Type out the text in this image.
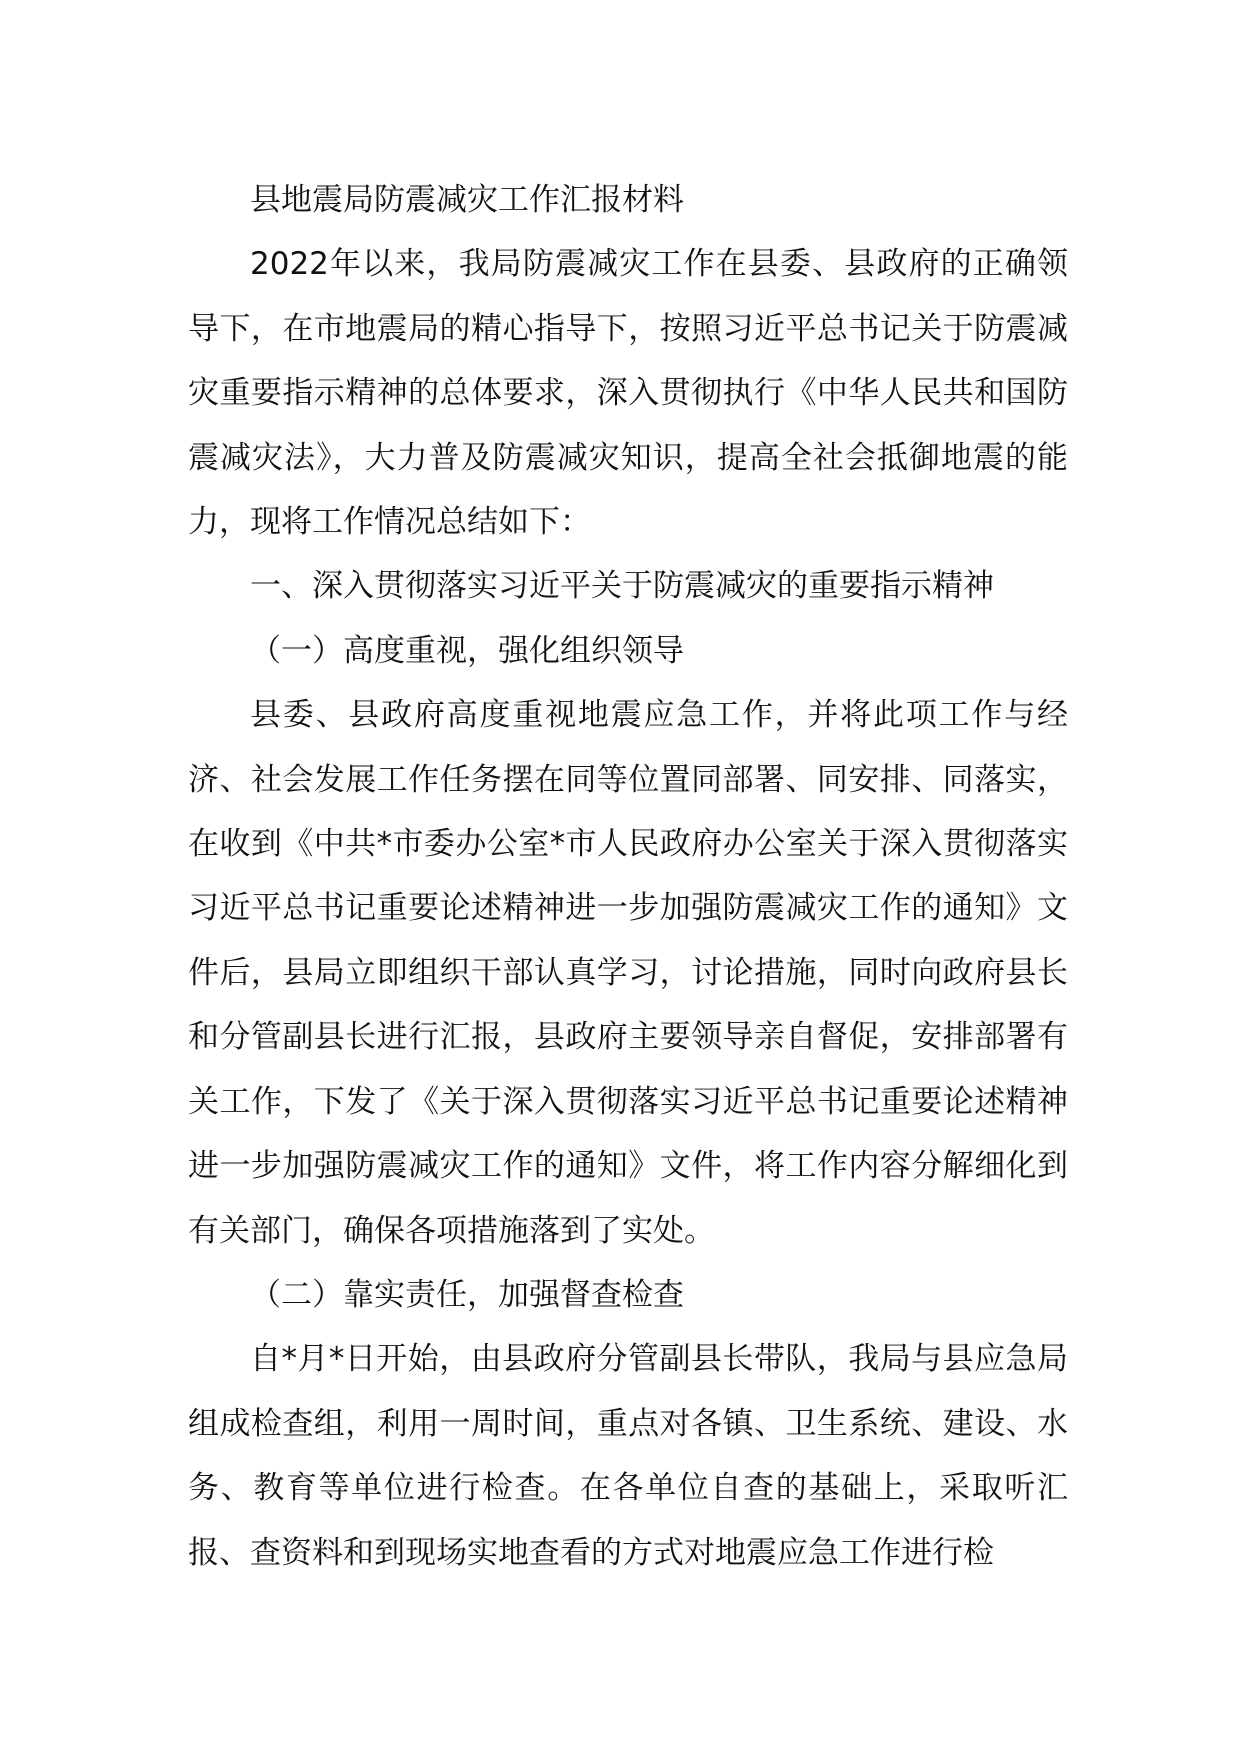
县地震局防震减灾工作汇报材料

2022年以来，我局防震减灾工作在县委、县政府的正确领导下，在市地震局的精心指导下，按照习近平总书记关于防震减灾重要指示精神的总体要求，深入贯彻执行《中华人民共和国防震减灾法》，大力普及防震减灾知识，提高全社会抵御地震的能力，现将工作情况总结如下：

一、深入贯彻落实习近平关于防震减灾的重要指示精神

（一）高度重视，强化组织领导

县委、县政府高度重视地震应急工作，并将此项工作与经济、社会发展工作任务摆在同等位置同部署、同安排、同落实，在收到《中共*市委办公室*市人民政府办公室关于深入贯彻落实习近平总书记重要论述精神进一步加强防震减灾工作的通知》文件后，县局立即组织干部认真学习，讨论措施，同时向政府县长和分管副县长进行汇报，县政府主要领导亲自督促，安排部署有关工作，下发了《关于深入贯彻落实习近平总书记重要论述精神进一步加强防震减灾工作的通知》文件，将工作内容分解细化到有关部门，确保各项措施落到了实处。

（二）靠实责任，加强督查检查

自*月*日开始，由县政府分管副县长带队，我局与县应急局组成检查组，利用一周时间，重点对各镇、卫生系统、建设、水务、教育等单位进行检查。在各单位自查的基础上，采取听汇报、查资料和到现场实地查看的方式对地震应急工作进行检
